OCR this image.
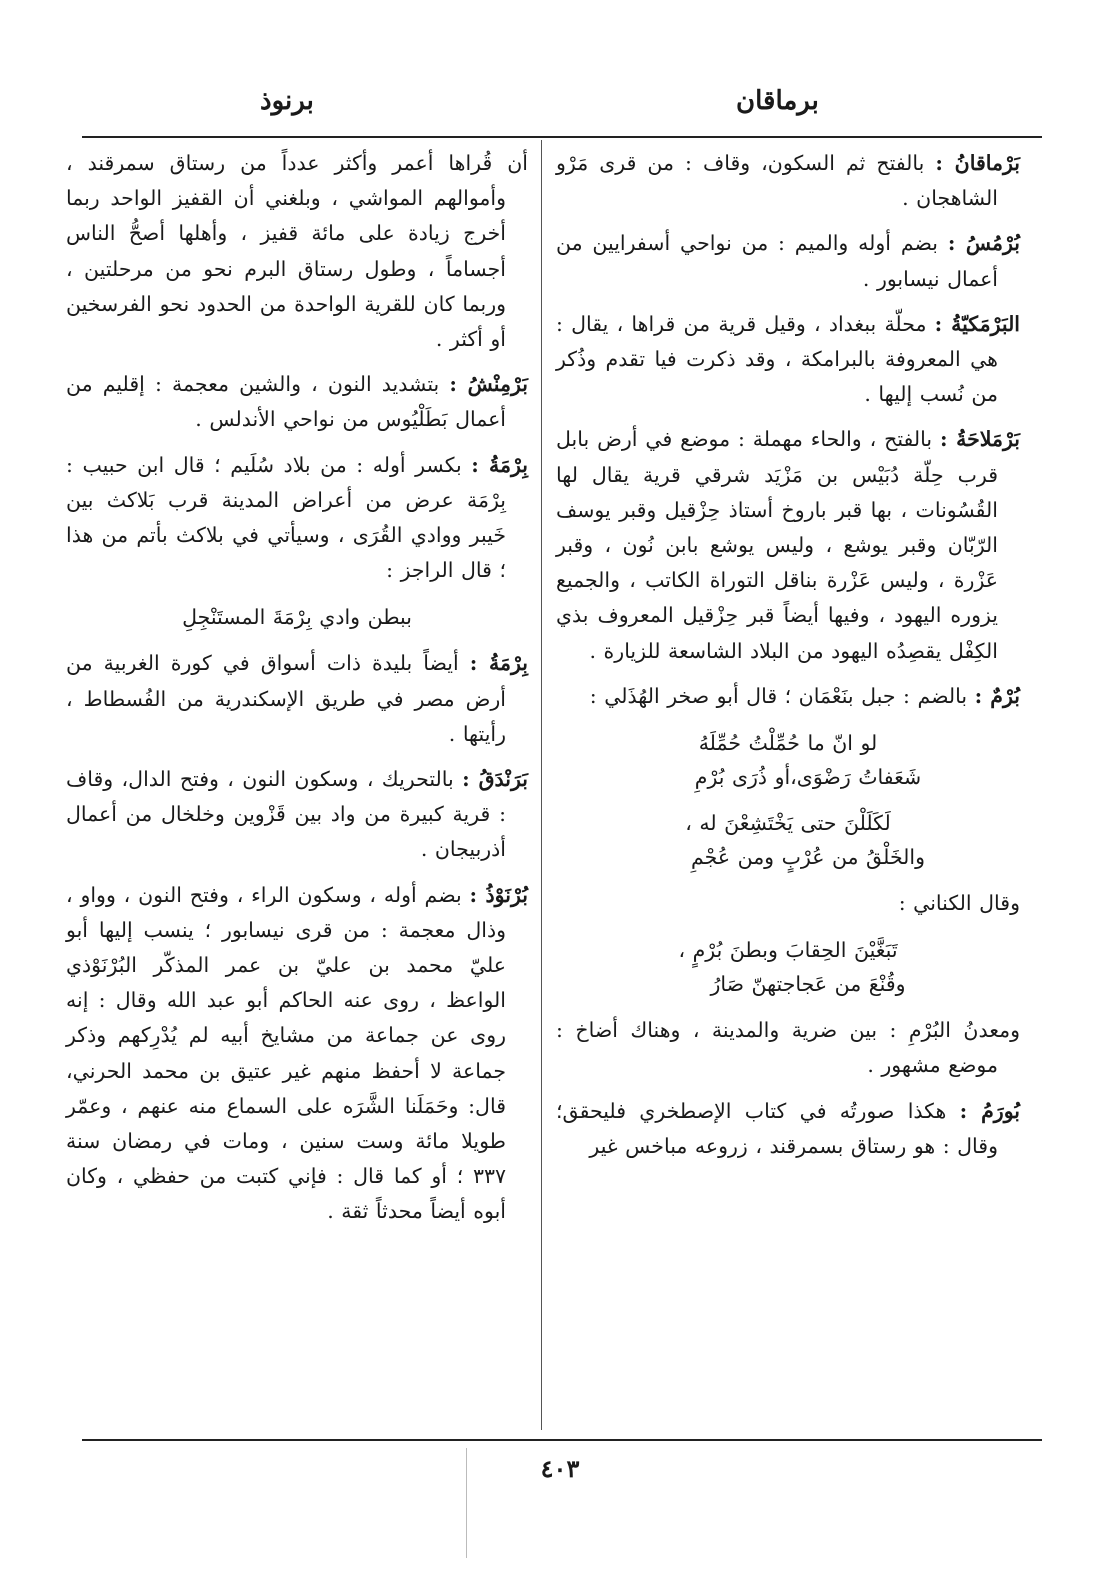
برماقان
برنوذ

بَرْماقانُ : بالفتح ثم السكون، وقاف : من قرى مَرْو الشاهجان .

بُرْمُسُ : بضم أوله والميم : من نواحي أسفرايين من أعمال نيسابور .

البَرْمَكيّةُ : محلّة ببغداد ، وقيل قرية من قراها ، يقال : هي المعروفة بالبرامكة ، وقد ذكرت فيا تقدم وذُكر من نُسب إليها .

بَرْمَلاحَةُ : بالفتح ، والحاء مهملة : موضع في أرض بابل قرب حِلّة دُبَيْس بن مَزْيَد شرقي قرية يقال لها القُسُونات ، بها قبر باروخ أستاذ حِزْقيل وقبر يوسف الرّبّان وقبر يوشع ، وليس يوشع بابن نُون ، وقبر عَزْرة ، وليس عَزْرة بناقل التوراة الكاتب ، والجميع يزوره اليهود ، وفيها أيضاً قبر حِزْقيل المعروف بذي الكِفْل يقصِدُه اليهود من البلاد الشاسعة للزيارة .

بُرْمٌ : بالضم : جبل بنَعْمَان ؛ قال أبو صخر الهُذَلي :

لو انّ ما حُمِّلْتُ حُمِّلَهُ
شَعَفاتُ رَضْوَى،أو ذُرَى بُرْمِ
لَكَلَلْنَ حتى يَخْتَشِعْنَ له ،
والخَلْقُ من عُرْبٍ ومن عُجْمِ

وقال الكناني :

تَبَغَّيْنَ الحِقابَ وبطنَ بُرْمٍ ،
وقُنْعَ من عَجاجتهنّ صَارُ

ومعدنُ البُرْمِ : بين ضرية والمدينة ، وهناك أضاخ : موضع مشهور .

بُورَمُ : هكذا صورتُه في كتاب الإصطخري فليحقق؛ وقال : هو رستاق بسمرقند ، زروعه مباخس غير

أن قُراها أعمر وأكثر عدداً من رستاق سمرقند ، وأموالهم المواشي ، وبلغني أن القفيز الواحد ربما أخرج زيادة على مائة قفيز ، وأهلها أصحُّ الناس أجساماً ، وطول رستاق البرم نحو من مرحلتين ، وربما كان للقرية الواحدة من الحدود نحو الفرسخين أو أكثر .

بَرْمِنْشُ : بتشديد النون ، والشين معجمة : إقليم من أعمال بَطَلْيُوس من نواحي الأندلس .

بِرْمَةُ : بكسر أوله : من بلاد سُلَيم ؛ قال ابن حبيب : بِرْمَة عرض من أعراض المدينة قرب بَلاكث بين خَيبر ووادي القُرَى ، وسيأتي في بلاكث بأتم من هذا ؛ قال الراجز :

ببطن وادي بِرْمَةَ المستَنْجِلِ

بِرْمَةُ : أيضاً بليدة ذات أسواق في كورة الغربية من أرض مصر في طريق الإسكندرية من الفُسطاط ، رأيتها .

بَرَنْدَقُ : بالتحريك ، وسكون النون ، وفتح الدال، وقاف : قرية كبيرة من واد بين قَزْوين وخلخال من أعمال أذربيجان .

بُرْنَوْذُ : بضم أوله ، وسكون الراء ، وفتح النون ، وواو ، وذال معجمة : من قرى نيسابور ؛ ينسب إليها أبو عليّ محمد بن عليّ بن عمر المذكّر البُرْنَوْذي الواعظ ، روى عنه الحاكم أبو عبد الله وقال : إنه روى عن جماعة من مشايخ أبيه لم يُدْرِكهم وذكر جماعة لا أحفظ منهم غير عتيق بن محمد الحرني، قال: وحَمَلَنا الشَّرَه على السماع منه عنهم ، وعمّر طويلا مائة وست سنين ، ومات في رمضان سنة ٣٣٧ ؛ أو كما قال : فإني كتبت من حفظي ، وكان أبوه أيضاً محدثاً ثقة .

٤٠٣
